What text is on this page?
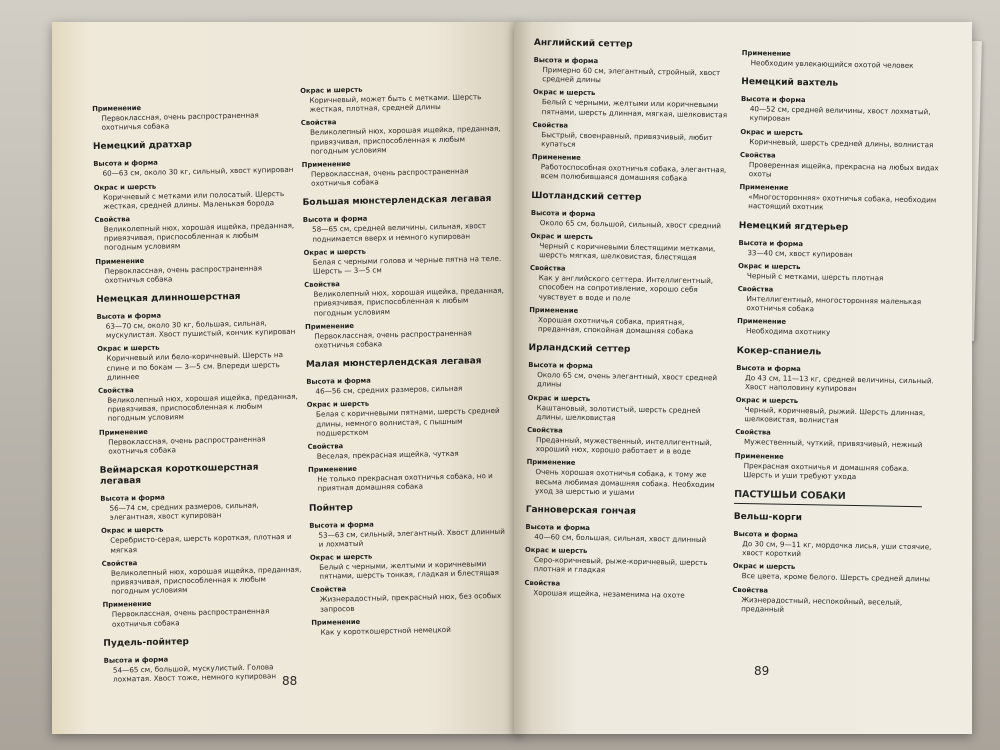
Применение
Первоклассная, очень распространенная охотничья собака
Немецкий дратхар
Высота и форма
60—63 см, около 30 кг, сильный, хвост купирован
Окрас и шерсть
Коричневый с метками или полосатый. Шерсть жесткая, средней длины. Маленькая борода
Свойства
Великолепный нюх, хорошая ищейка, преданная, привязчивая, приспособленная к любым погодным условиям
Применение
Первоклассная, очень распространенная охотничья собака
Немецкая длинношерстная
Высота и форма
63—70 см, около 30 кг, большая, сильная, мускулистая. Хвост пушистый, кончик купирован
Окрас и шерсть
Коричневый или бело-коричневый. Шерсть на спине и по бокам — 3—5 см. Впереди шерсть длиннее
Свойства
Великолепный нюх, хорошая ищейка, преданная, привязчивая, приспособленная к любым погодным условиям
Применение
Первоклассная, очень распространенная охотничья собака
Веймарская короткошерстная легавая
Высота и форма
56—74 см, средних размеров, сильная, элегантная, хвост купирован
Окрас и шерсть
Серебристо-серая, шерсть короткая, плотная и мягкая
Свойства
Великолепный нюх, хорошая ищейка, преданная, привязчивая, приспособленная к любым погодным условиям
Применение
Первоклассная, очень распространенная охотничья собака
Пудель-пойнтер
Высота и форма
54—65 см, большой, мускулистый. Голова лохматая. Хвост тоже, немного купирован
Окрас и шерсть
Коричневый, может быть с метками. Шерсть жесткая, плотная, средней длины
Свойства
Великолепный нюх, хорошая ищейка, преданная, привязчивая, приспособленная к любым погодным условиям
Применение
Первоклассная, очень распространенная охотничья собака
Большая мюнстерлендская легавая
Высота и форма
58—65 см, средней величины, сильная, хвост поднимается вверх и немного купирован
Окрас и шерсть
Белая с черными голова и черные пятна на теле. Шерсть — 3—5 см
Свойства
Великолепный нюх, хорошая ищейка, преданная, привязчивая, приспособленная к любым погодным условиям
Применение
Первоклассная, очень распространенная охотничья собака
Малая мюнстерлендская легавая
Высота и форма
46—56 см, средних размеров, сильная
Окрас и шерсть
Белая с коричневыми пятнами, шерсть средней длины, немного волнистая, с пышным подшерстком
Свойства
Веселая, прекрасная ищейка, чуткая
Применение
Не только прекрасная охотничья собака, но и приятная домашняя собака
Пойнтер
Высота и форма
53—63 см, сильный, элегантный. Хвост длинный и лохматый
Окрас и шерсть
Белый с черными, желтыми и коричневыми пятнами, шерсть тонкая, гладкая и блестящая
Свойства
Жизнерадостный, прекрасный нюх, без особых запросов
Применение
Как у короткошерстной немецкой
88
Английский сеттер
Высота и форма
Примерно 60 см, элегантный, стройный, хвост средней длины
Окрас и шерсть
Белый с черными, желтыми или коричневыми пятнами, шерсть длинная, мягкая, шелковистая
Свойства
Быстрый, своенравный, привязчивый, любит купаться
Применение
Работоспособная охотничья собака, элегантная, всем полюбившаяся домашняя собака
Шотландский сеттер
Высота и форма
Около 65 см, большой, сильный, хвост средний
Окрас и шерсть
Черный с коричневыми блестящими метками, шерсть мягкая, шелковистая, блестящая
Свойства
Как у английского сеттера. Интеллигентный, способен на сопротивление, хорошо себя чувствует в воде и поле
Применение
Хорошая охотничья собака, приятная, преданная, спокойная домашняя собака
Ирландский сеттер
Высота и форма
Около 65 см, очень элегантный, хвост средней длины
Окрас и шерсть
Каштановый, золотистый, шерсть средней длины, шелковистая
Свойства
Преданный, мужественный, интеллигентный, хороший нюх, хорошо работает и в воде
Применение
Очень хорошая охотничья собака, к тому же весьма любимая домашняя собака. Необходим уход за шерстью и ушами
Ганноверская гончая
Высота и форма
40—60 см, большая, сильная, хвост длинный
Окрас и шерсть
Серо-коричневый, рыже-коричневый, шерсть плотная и гладкая
Свойства
Хорошая ищейка, незаменима на охоте
Применение
Необходим увлекающийся охотой человек
Немецкий вахтель
Высота и форма
40—52 см, средней величины, хвост лохматый, купирован
Окрас и шерсть
Коричневый, шерсть средней длины, волнистая
Свойства
Проверенная ищейка, прекрасна на любых видах охоты
Применение
«Многосторонняя» охотничья собака, необходим настоящий охотник
Немецкий ягдтерьер
Высота и форма
33—40 см, хвост купирован
Окрас и шерсть
Черный с метками, шерсть плотная
Свойства
Интеллигентный, многосторонняя маленькая охотничья собака
Применение
Необходима охотнику
Кокер-спаниель
Высота и форма
До 43 см, 11—13 кг, средней величины, сильный. Хвост наполовину купирован
Окрас и шерсть
Черный, коричневый, рыжий. Шерсть длинная, шелковистая, волнистая
Свойства
Мужественный, чуткий, привязчивый, нежный
Применение
Прекрасная охотничья и домашняя собака. Шерсть и уши требуют ухода
ПАСТУШЬИ СОБАКИ
Вельш-корги
Высота и форма
До 30 см, 9—11 кг, мордочка лисья, уши стоячие, хвост короткий
Окрас и шерсть
Все цвета, кроме белого. Шерсть средней длины
Свойства
Жизнерадостный, неспокойный, веселый, преданный
89
